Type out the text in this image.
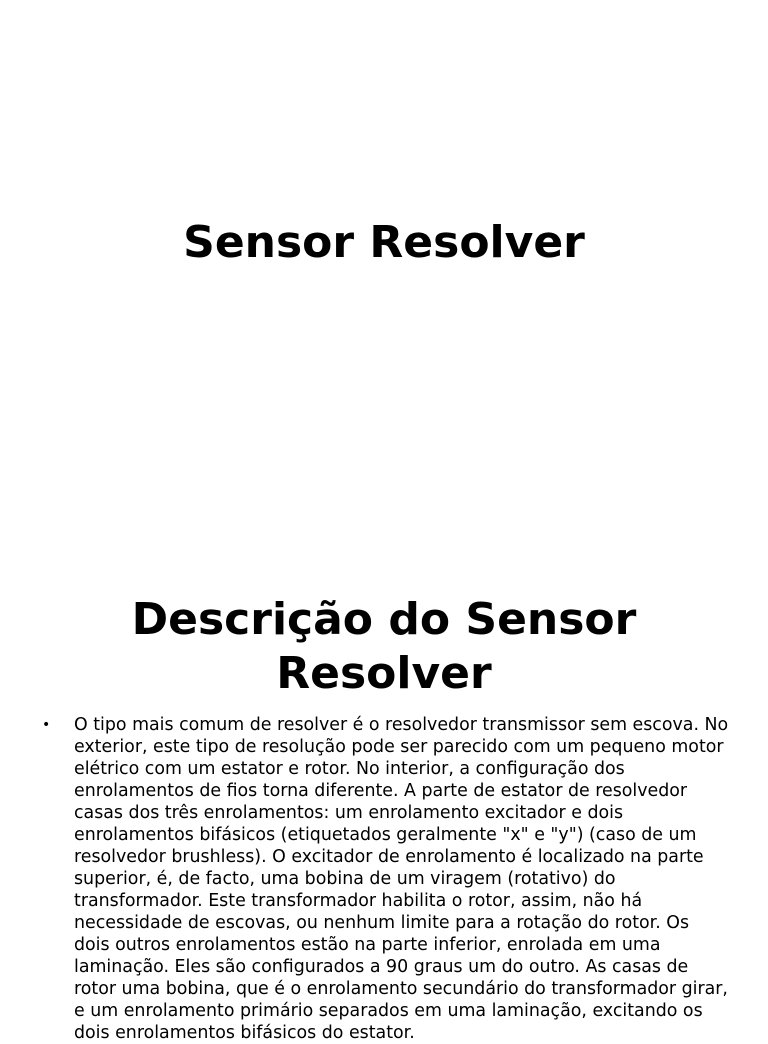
Sensor Resolver
Descrição do Sensor Resolver
• O tipo mais comum de resolver é o resolvedor transmissor sem escova. No exterior, este tipo de resolução pode ser parecido com um pequeno motor elétrico com um estator e rotor. No interior, a configuração dos enrolamentos de fios torna diferente. A parte de estator de resolvedor casas dos três enrolamentos: um enrolamento excitador e dois enrolamentos bifásicos (etiquetados geralmente "x" e "y") (caso de um resolvedor brushless). O excitador de enrolamento é localizado na parte superior, é, de facto, uma bobina de um viragem (rotativo) do transformador. Este transformador habilita o rotor, assim, não há necessidade de escovas, ou nenhum limite para a rotação do rotor. Os dois outros enrolamentos estão na parte inferior, enrolada em uma laminação. Eles são configurados a 90 graus um do outro. As casas de rotor uma bobina, que é o enrolamento secundário do transformador girar, e um enrolamento primário separados em uma laminação, excitando os dois enrolamentos bifásicos do estator.
